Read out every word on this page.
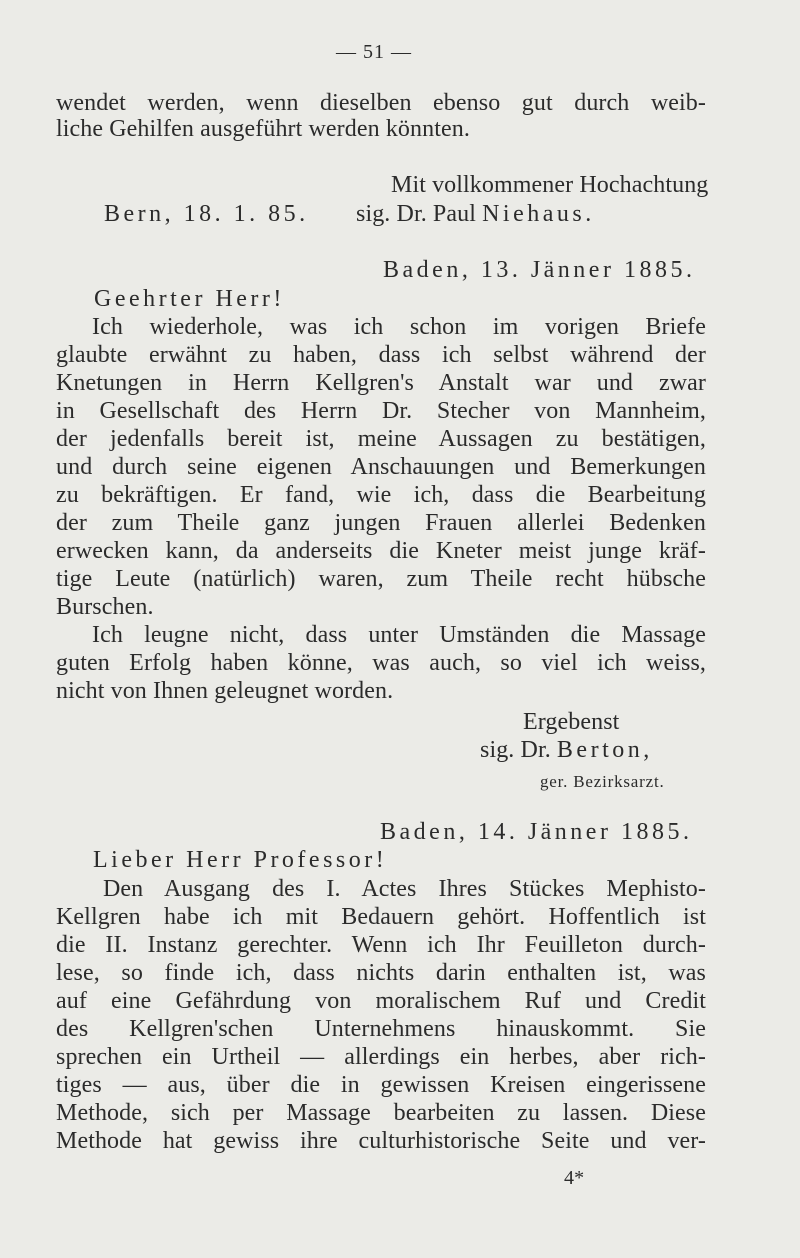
— 51 —
wendet werden, wenn dieselben ebenso gut durch weib-
liche Gehilfen ausgeführt werden könnten.
Mit vollkommener Hochachtung
Bern, 18. 1. 85. sig. Dr. Paul Niehaus.
Baden, 13. Jänner 1885.
Geehrter Herr!
Ich wiederhole, was ich schon im vorigen Briefe
glaubte erwähnt zu haben, dass ich selbst während der
Knetungen in Herrn Kellgren's Anstalt war und zwar
in Gesellschaft des Herrn Dr. Stecher von Mannheim,
der jedenfalls bereit ist, meine Aussagen zu bestätigen,
und durch seine eigenen Anschauungen und Bemerkungen
zu bekräftigen. Er fand, wie ich, dass die Bearbeitung
der zum Theile ganz jungen Frauen allerlei Bedenken
erwecken kann, da anderseits die Kneter meist junge kräf-
tige Leute (natürlich) waren, zum Theile recht hübsche
Burschen.
Ich leugne nicht, dass unter Umständen die Massage
guten Erfolg haben könne, was auch, so viel ich weiss,
nicht von Ihnen geleugnet worden.
Ergebenst
sig. Dr. Berton,
ger. Bezirksarzt.
Baden, 14. Jänner 1885.
Lieber Herr Professor!
Den Ausgang des I. Actes Ihres Stückes Mephisto-
Kellgren habe ich mit Bedauern gehört. Hoffentlich ist
die II. Instanz gerechter. Wenn ich Ihr Feuilleton durch-
lese, so finde ich, dass nichts darin enthalten ist, was
auf eine Gefährdung von moralischem Ruf und Credit
des Kellgren'schen Unternehmens hinauskommt. Sie
sprechen ein Urtheil — allerdings ein herbes, aber rich-
tiges — aus, über die in gewissen Kreisen eingerissene
Methode, sich per Massage bearbeiten zu lassen. Diese
Methode hat gewiss ihre culturhistorische Seite und ver-
4*
